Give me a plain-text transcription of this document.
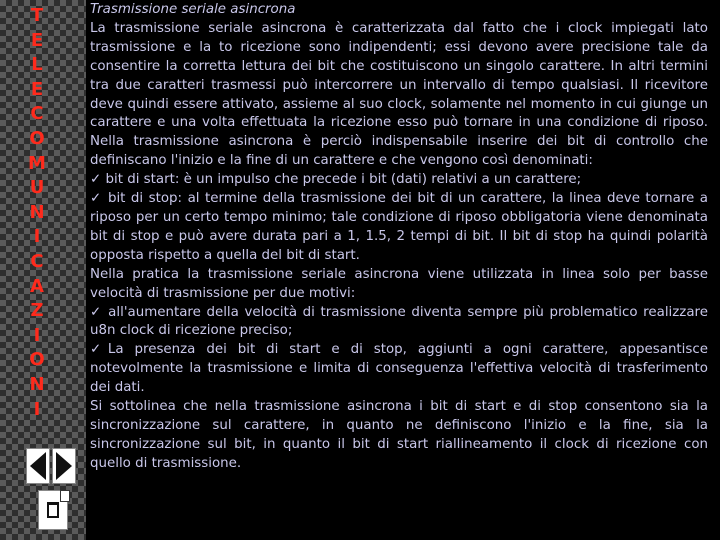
T
E
L
E
C
O
M
U
N
I
C
A
Z
I
O
N
I

Trasmissione seriale asincrona

La trasmissione seriale asincrona è caratterizzata dal fatto che i clock impiegati lato trasmissione e la to ricezione sono indipendenti; essi devono avere precisione tale da consentire la corretta lettura dei bit che costituiscono un singolo carattere. In altri termini tra due caratteri trasmessi può intercorrere un intervallo di tempo qualsiasi. Il ricevitore deve quindi essere attivato, assieme al suo clock, solamente nel momento in cui giunge un carattere e una volta effettuata la ricezione esso può tornare in una condizione di riposo. Nella trasmissione asincrona è perciò indispensabile inserire dei bit di controllo che definiscano l'inizio e la fine di un carattere e che vengono così denominati:

✓ bit di start: è un impulso che precede i bit (dati) relativi a un carattere;

✓ bit di stop: al termine della trasmissione dei bit di un carattere, la linea deve tornare a riposo per un certo tempo minimo; tale condizione di riposo obbligatoria viene denominata bit di stop e può avere durata pari a 1, 1.5, 2 tempi di bit. Il bit di stop ha quindi polarità opposta rispetto a quella del bit di start.

Nella pratica la trasmissione seriale asincrona viene utilizzata in linea solo per basse velocità di trasmissione per due motivi:

✓ all'aumentare della velocità di trasmissione diventa sempre più problematico realizzare u8n clock di ricezione preciso;

✓La presenza dei bit di start e di stop, aggiunti a ogni carattere, appesantisce notevolmente la trasmissione e limita di conseguenza l'effettiva velocità di trasferimento dei dati.

Si sottolinea che nella trasmissione asincrona i bit di start e di stop consentono sia la sincronizzazione sul carattere, in quanto ne definiscono l'inizio e la fine, sia la sincronizzazione sul bit, in quanto il bit di start riallineamento il clock di ricezione con quello di trasmissione.
